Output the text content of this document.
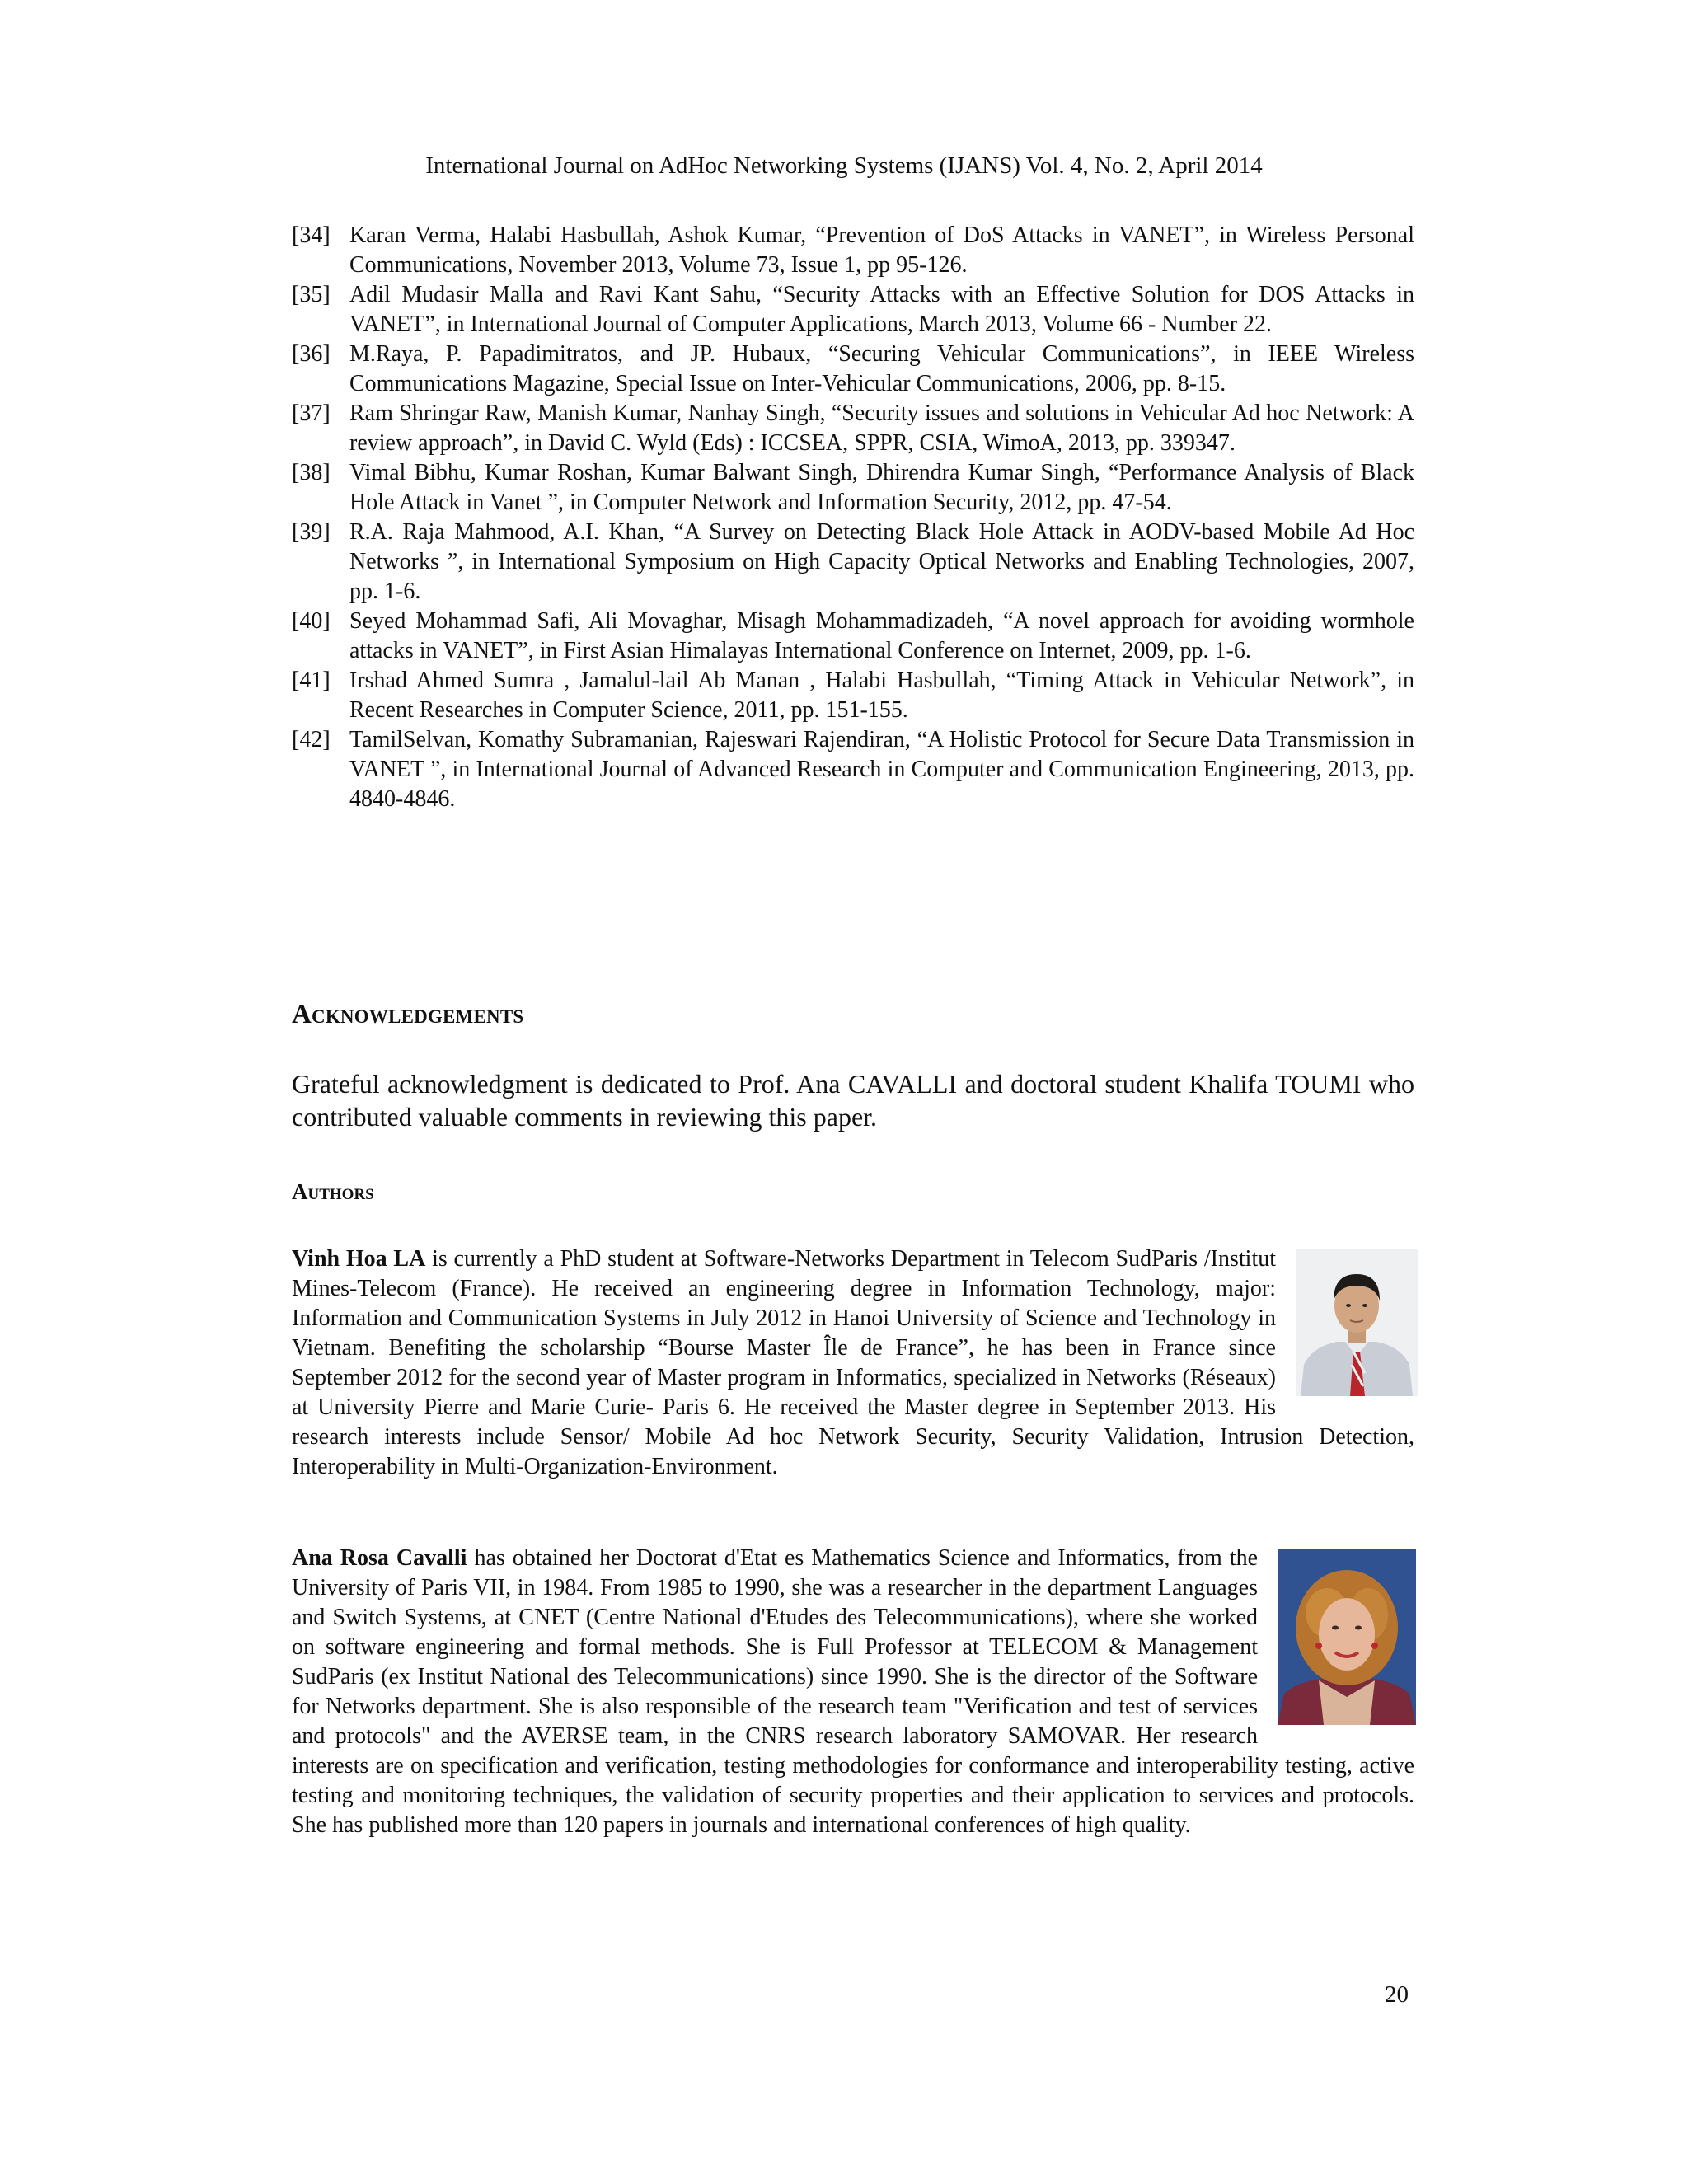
International Journal on AdHoc Networking Systems (IJANS) Vol. 4, No. 2, April 2014
[34] Karan Verma, Halabi Hasbullah, Ashok Kumar, “Prevention of DoS Attacks in VANET”, in Wireless Personal Communications, November 2013, Volume 73, Issue 1, pp 95-126.
[35] Adil Mudasir Malla and Ravi Kant Sahu, “Security Attacks with an Effective Solution for DOS Attacks in VANET”, in International Journal of Computer Applications, March 2013, Volume 66 - Number 22.
[36] M.Raya, P. Papadimitratos, and JP. Hubaux, “Securing Vehicular Communications”, in IEEE Wireless Communications Magazine, Special Issue on Inter-Vehicular Communications, 2006, pp. 8-15.
[37] Ram Shringar Raw, Manish Kumar, Nanhay Singh, “Security issues and solutions in Vehicular Ad hoc Network: A review approach”, in David C. Wyld (Eds) : ICCSEA, SPPR, CSIA, WimoA, 2013, pp. 339347.
[38] Vimal Bibhu, Kumar Roshan, Kumar Balwant Singh, Dhirendra Kumar Singh, “Performance Analysis of Black Hole Attack in Vanet ”, in Computer Network and Information Security, 2012, pp. 47-54.
[39] R.A. Raja Mahmood, A.I. Khan, “A Survey on Detecting Black Hole Attack in AODV-based Mobile Ad Hoc Networks ”, in International Symposium on High Capacity Optical Networks and Enabling Technologies, 2007, pp. 1-6.
[40] Seyed Mohammad Safi, Ali Movaghar, Misagh Mohammadizadeh, “A novel approach for avoiding wormhole attacks in VANET”, in First Asian Himalayas International Conference on Internet, 2009, pp. 1-6.
[41] Irshad Ahmed Sumra , Jamalul-lail Ab Manan , Halabi Hasbullah, “Timing Attack in Vehicular Network”, in Recent Researches in Computer Science, 2011, pp. 151-155.
[42] TamilSelvan, Komathy Subramanian, Rajeswari Rajendiran, “A Holistic Protocol for Secure Data Transmission in VANET ”, in International Journal of Advanced Research in Computer and Communication Engineering, 2013, pp. 4840-4846.
Acknowledgements

Grateful acknowledgment is dedicated to Prof. Ana CAVALLI and doctoral student Khalifa TOUMI who contributed valuable comments in reviewing this paper.

Authors

Vinh Hoa LA is currently a PhD student at Software-Networks Department in Telecom SudParis /Institut Mines-Telecom (France). He received an engineering degree in Information Technology, major: Information and Communication Systems in July 2012 in Hanoi University of Science and Technology in Vietnam. Benefiting the scholarship “Bourse Master Île de France”, he has been in France since September 2012 for the second year of Master program in Informatics, specialized in Networks (Réseaux) at University Pierre and Marie Curie- Paris 6. He received the Master degree in September 2013. His research interests include Sensor/ Mobile Ad hoc Network Security, Security Validation, Intrusion Detection, Interoperability in Multi-Organization-Environment.

Ana Rosa Cavalli has obtained her Doctorat d'Etat es Mathematics Science and Informatics, from the University of Paris VII, in 1984. From 1985 to 1990, she was a researcher in the department Languages and Switch Systems, at CNET (Centre National d'Etudes des Telecommunications), where she worked on software engineering and formal methods. She is Full Professor at TELECOM & Management SudParis (ex Institut National des Telecommunications) since 1990. She is the director of the Software for Networks department. She is also responsible of the research team "Verification and test of services and protocols" and the AVERSE team, in the CNRS research laboratory SAMOVAR. Her research interests are on specification and verification, testing methodologies for conformance and interoperability testing, active testing and monitoring techniques, the validation of security properties and their application to services and protocols. She has published more than 120 papers in journals and international conferences of high quality.

20
